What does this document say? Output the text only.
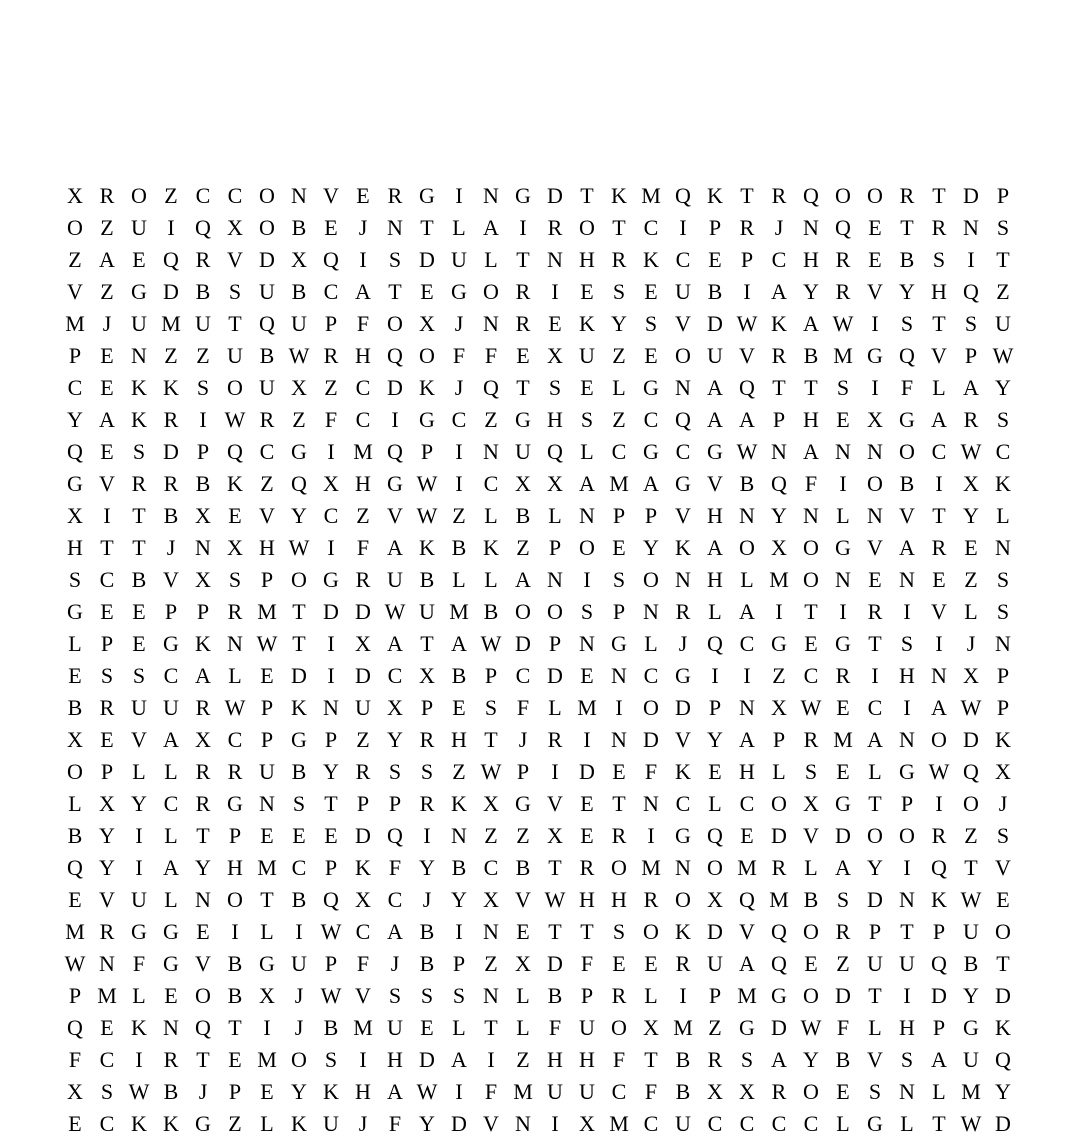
X	R	O	Z	C	C	O	N	V	E	R	G	I	N	G	D	T	K	M	Q	K	T	R	Q	O	O	R	T	D	P
O	Z	U	I	Q	X	O	B	E	J	N	T	L	A	I	R	O	T	C	I	P	R	J	N	Q	E	T	R	N	S
Z	A	E	Q	R	V	D	X	Q	I	S	D	U	L	T	N	H	R	K	C	E	P	C	H	R	E	B	S	I	T
V	Z	G	D	B	S	U	B	C	A	T	E	G	O	R	I	E	S	E	U	B	I	A	Y	R	V	Y	H	Q	Z
M	J	U	M	U	T	Q	U	P	F	O	X	J	N	R	E	K	Y	S	V	D	W	K	A	W	I	S	T	S	U
P	E	N	Z	Z	U	B	W	R	H	Q	O	F	F	E	X	U	Z	E	O	U	V	R	B	M	G	Q	V	P	W
C	E	K	K	S	O	U	X	Z	C	D	K	J	Q	T	S	E	L	G	N	A	Q	T	T	S	I	F	L	A	Y
Y	A	K	R	I	W	R	Z	F	C	I	G	C	Z	G	H	S	Z	C	Q	A	A	P	H	E	X	G	A	R	S
Q	E	S	D	P	Q	C	G	I	M	Q	P	I	N	U	Q	L	C	G	C	G	W	N	A	N	N	O	C	W	C
G	V	R	R	B	K	Z	Q	X	H	G	W	I	C	X	X	A	M	A	G	V	B	Q	F	I	O	B	I	X	K
X	I	T	B	X	E	V	Y	C	Z	V	W	Z	L	B	L	N	P	P	V	H	N	Y	N	L	N	V	T	Y	L
H	T	T	J	N	X	H	W	I	F	A	K	B	K	Z	P	O	E	Y	K	A	O	X	O	G	V	A	R	E	N
S	C	B	V	X	S	P	O	G	R	U	B	L	L	A	N	I	S	O	N	H	L	M	O	N	E	N	E	Z	S
G	E	E	P	P	R	M	T	D	D	W	U	M	B	O	O	S	P	N	R	L	A	I	T	I	R	I	V	L	S
L	P	E	G	K	N	W	T	I	X	A	T	A	W	D	P	N	G	L	J	Q	C	G	E	G	T	S	I	J	N
E	S	S	C	A	L	E	D	I	D	C	X	B	P	C	D	E	N	C	G	I	I	Z	C	R	I	H	N	X	P
B	R	U	U	R	W	P	K	N	U	X	P	E	S	F	L	M	I	O	D	P	N	X	W	E	C	I	A	W	P
X	E	V	A	X	C	P	G	P	Z	Y	R	H	T	J	R	I	N	D	V	Y	A	P	R	M	A	N	O	D	K
O	P	L	L	R	R	U	B	Y	R	S	S	Z	W	P	I	D	E	F	K	E	H	L	S	E	L	G	W	Q	X
L	X	Y	C	R	G	N	S	T	P	P	R	K	X	G	V	E	T	N	C	L	C	O	X	G	T	P	I	O	J
B	Y	I	L	T	P	E	E	E	D	Q	I	N	Z	Z	X	E	R	I	G	Q	E	D	V	D	O	O	R	Z	S
Q	Y	I	A	Y	H	M	C	P	K	F	Y	B	C	B	T	R	O	M	N	O	M	R	L	A	Y	I	Q	T	V
E	V	U	L	N	O	T	B	Q	X	C	J	Y	X	V	W	H	H	R	O	X	Q	M	B	S	D	N	K	W	E
M	R	G	G	E	I	L	I	W	C	A	B	I	N	E	T	T	S	O	K	D	V	Q	O	R	P	T	P	U	O
W	N	F	G	V	B	G	U	P	F	J	B	P	Z	X	D	F	E	E	R	U	A	Q	E	Z	U	U	Q	B	T
P	M	L	E	O	B	X	J	W	V	S	S	S	N	L	B	P	R	L	I	P	M	G	O	D	T	I	D	Y	D
Q	E	K	N	Q	T	I	J	B	M	U	E	L	T	L	F	U	O	X	M	Z	G	D	W	F	L	H	P	G	K
F	C	I	R	T	E	M	O	S	I	H	D	A	I	Z	H	H	F	T	B	R	S	A	Y	B	V	S	A	U	Q
X	S	W	B	J	P	E	Y	K	H	A	W	I	F	M	U	U	C	F	B	X	X	R	O	E	S	N	L	M	Y
E	C	K	K	G	Z	L	K	U	J	F	Y	D	V	N	I	X	M	C	U	C	C	C	C	L	G	L	T	W	D
